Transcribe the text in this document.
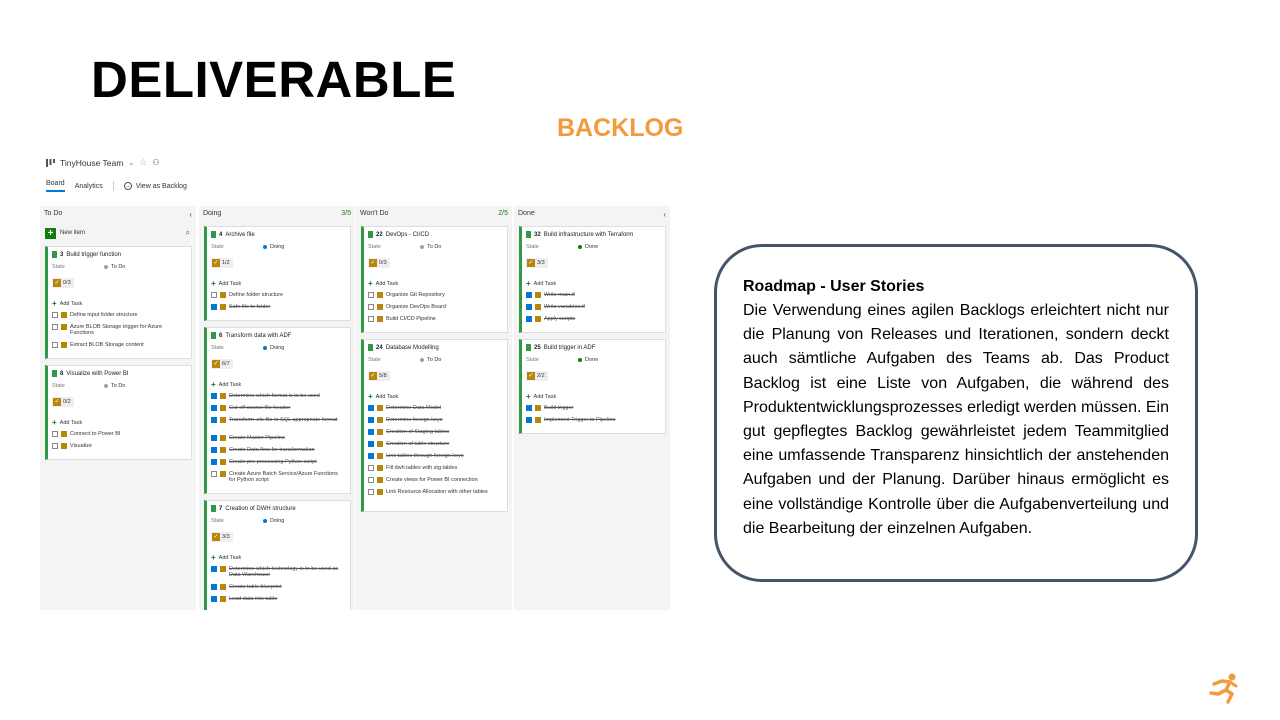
DELIVERABLE
BACKLOG
TinyHouse Team ⌄ ☆ ⚇
Board Analytics	→ View as Backlog
To Do	‹
+	New item	⌕
3 Build trigger function
State	To Do
✓ 0/3
+ Add Task
Define input folder structure
Azure BLOB Storage trigger for Azure Functions
Extract BLOB Storage content
8 Visualize with Power BI
State	To Do
✓ 0/2
+ Add Task
Connect to Power BI
Visualize
Doing	3/5
4 Archive file
State	Doing
✓ 1/2
+ Add Task
Define folder structure
Safe file to folder
6 Transform data with ADF
State	Doing
✓ 6/7
+ Add Task
Determine which format is to be used
Cut off source file header
Transform .xls-file to SQL appropriate format
Create Master Pipeline
Create Data flow for transformation
Create pre-processing Python script
Create Azure Batch Service/Azure Functions for Python script
7 Creation of DWH structure
State	Doing
✓ 3/3
+ Add Task
Determine which technology is to be used as Data Warehouse
Create table blueprint
Load data into table
Won't Do	2/5
22 DevOps - CI/CD
State	To Do
✓ 0/3
+ Add Task
Organize Git Repository
Organize DevOps Board
Build CI/CD Pipeline
24 Database Modelling
State	To Do
✓ 5/8
+ Add Task
Determine Data Model
Determine foreign keys
Creation of Staging tables
Creation of table structure
Link tables through foreign keys
Fill dwh.tables with stg.tables
Create views for Power BI connection
Link Resource Allocation with other tables
Done	‹
32 Build infrastructure with Terraform
State	Done
✓ 3/3
+ Add Task
Write main.tf
Write variables.tf
Apply scripts
25 Build trigger in ADF
State	Done
✓ 2/2
+ Add Task
Build trigger
Implement Trigger to Pipeline
Roadmap - User Stories
Die Verwendung eines agilen Backlogs erleichtert nicht nur die Planung von Releases und Iterationen, sondern deckt auch sämtliche Aufgaben des Teams ab. Das Product Backlog ist eine Liste von Aufgaben, die während des Produktentwicklungsprozesses erledigt werden müssen. Ein gut gepflegtes Backlog gewährleistet jedem Teammitglied eine umfassende Transparenz hinsichtlich der anstehenden Aufgaben und der Planung. Darüber hinaus ermöglicht es eine vollständige Kontrolle über die Aufgabenverteilung und die Bearbeitung der einzelnen Aufgaben.
